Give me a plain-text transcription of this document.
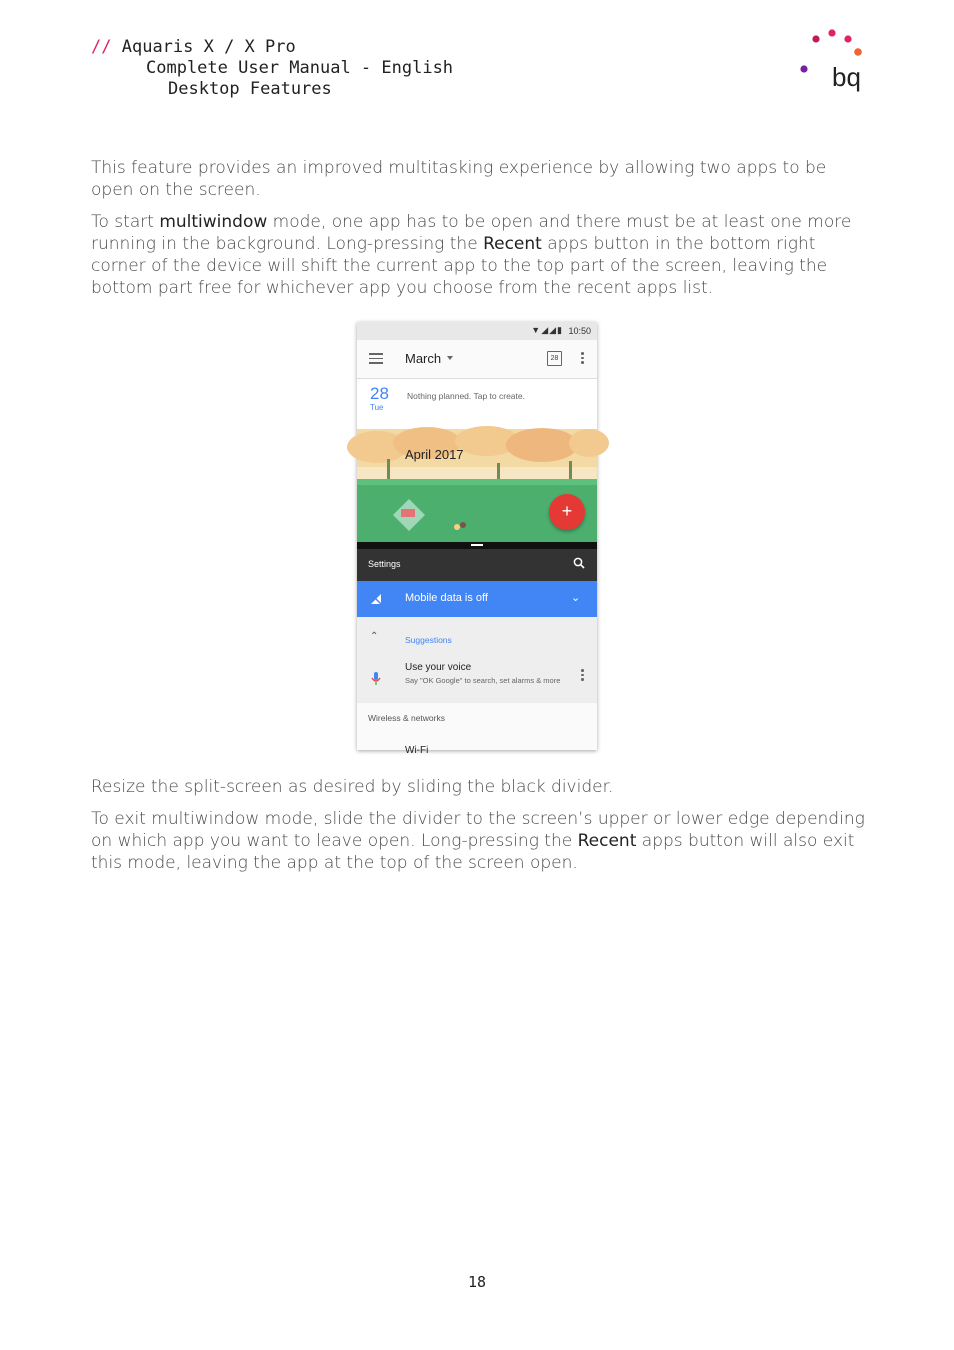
// Aquaris X / X Pro
Complete User Manual - English
Desktop Features	bq
This feature provides an improved multitasking experience by allowing two apps to be open on the screen.
To start multiwindow mode, one app has to be open and there must be at least one more running in the background. Long-pressing the Recent apps button in the bottom right corner of the device will shift the current app to the top part of the screen, leaving the bottom part free for whichever app you choose from the recent apps list.
▼◢◢▮ 10:50
March	28
28
Tue
Nothing planned. Tap to create.
April 2017
+
Settings
Mobile data is off	⌄
⌃	Suggestions
Use your voice
Say "OK Google" to search, set alarms & more
Wireless & networks
Wi-Fi
Resize the split-screen as desired by sliding the black divider.
To exit multiwindow mode, slide the divider to the screen’s upper or lower edge depending on which app you want to leave open. Long-pressing the Recent apps button will also exit this mode, leaving the app at the top of the screen open.
18
